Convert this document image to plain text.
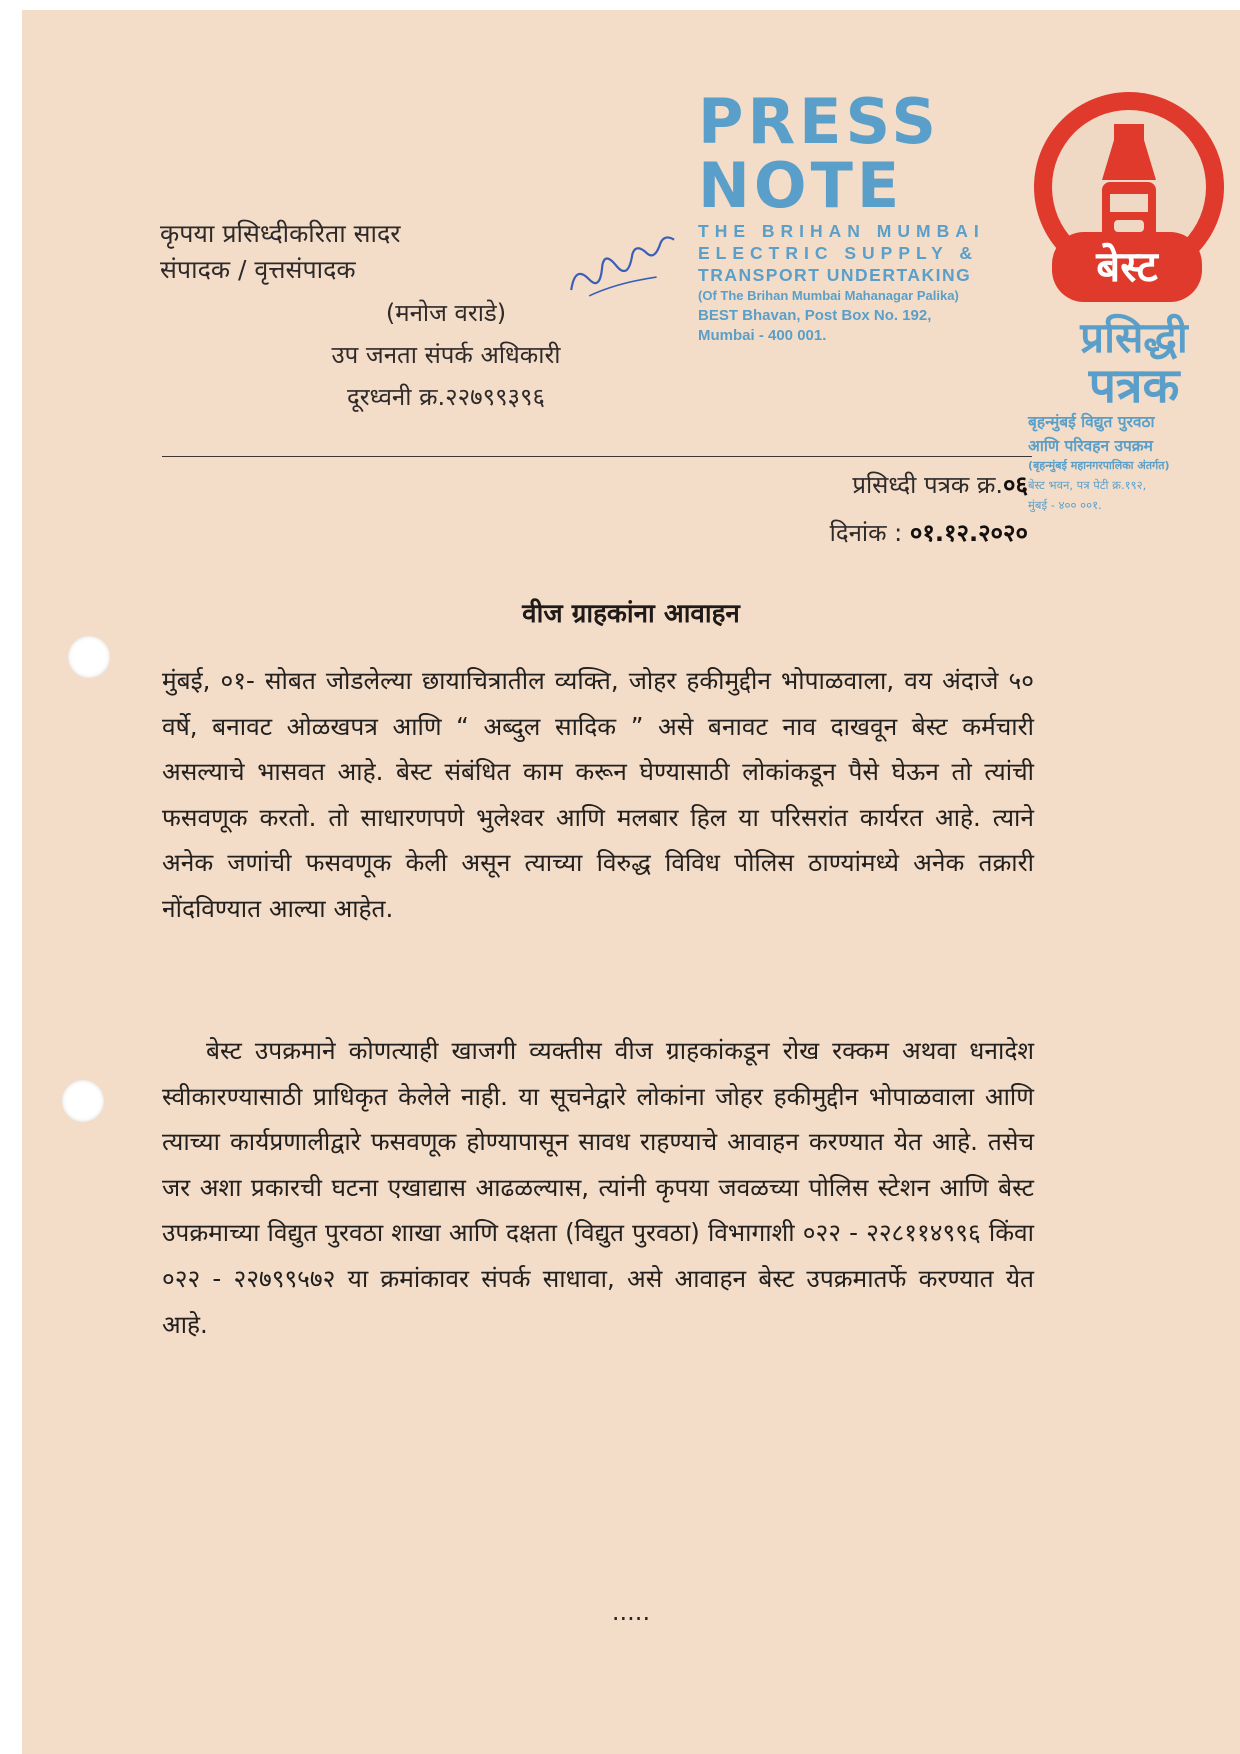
कृपया प्रसिध्दीकरिता सादर
संपादक / वृत्तसंपादक
PRESS NOTE
THE BRIHAN MUMBAI
ELECTRIC SUPPLY &
TRANSPORT UNDERTAKING
(Of The Brihan Mumbai Mahanagar Palika)
BEST Bhavan, Post Box No. 192,
Mumbai - 400 001.
बेस्ट
प्रसिद्धी
पत्रक
बृहन्मुंबई विद्युत पुरवठा
आणि परिवहन उपक्रम
(बृहन्मुंबई महानगरपालिका अंतर्गत)
बेस्ट भवन, पत्र पेटी क्र.१९२,
मुंबई - ४०० ००१.
(मनोज वराडे)
उप जनता संपर्क अधिकारी
दूरध्वनी क्र.२२७९९३९६
प्रसिध्दी पत्रक क्र.०६
दिनांक : ०१.१२.२०२०
वीज ग्राहकांना आवाहन
मुंबई, ०१- सोबत जोडलेल्या छायाचित्रातील व्यक्ति, जोहर हकीमुद्दीन भोपाळवाला, वय अंदाजे ५० वर्षे, बनावट ओळखपत्र आणि “ अब्दुल सादिक ” असे बनावट नाव दाखवून बेस्ट कर्मचारी असल्याचे भासवत आहे. बेस्ट संबंधित काम करून घेण्यासाठी लोकांकडून पैसे घेऊन तो त्यांची फसवणूक करतो. तो साधारणपणे भुलेश्वर आणि मलबार हिल या परिसरांत कार्यरत आहे. त्याने अनेक जणांची फसवणूक केली असून त्याच्या विरुद्ध विविध पोलिस ठाण्यांमध्ये अनेक तक्रारी नोंदविण्यात आल्या आहेत.
बेस्ट उपक्रमाने कोणत्याही खाजगी व्यक्तीस वीज ग्राहकांकडून रोख रक्कम अथवा धनादेश स्वीकारण्यासाठी प्राधिकृत केलेले नाही. या सूचनेद्वारे लोकांना जोहर हकीमुद्दीन भोपाळवाला आणि त्याच्या कार्यप्रणालीद्वारे फसवणूक होण्यापासून सावध राहण्याचे आवाहन करण्यात येत आहे. तसेच जर अशा प्रकारची घटना एखाद्यास आढळल्यास, त्यांनी कृपया जवळच्या पोलिस स्टेशन आणि बेस्ट उपक्रमाच्या विद्युत पुरवठा शाखा आणि दक्षता (विद्युत पुरवठा) विभागाशी ०२२ - २२८११४९९६ किंवा ०२२ - २२७९९५७२ या क्रमांकावर संपर्क साधावा, असे आवाहन बेस्ट उपक्रमातर्फे करण्यात येत आहे.
.....
